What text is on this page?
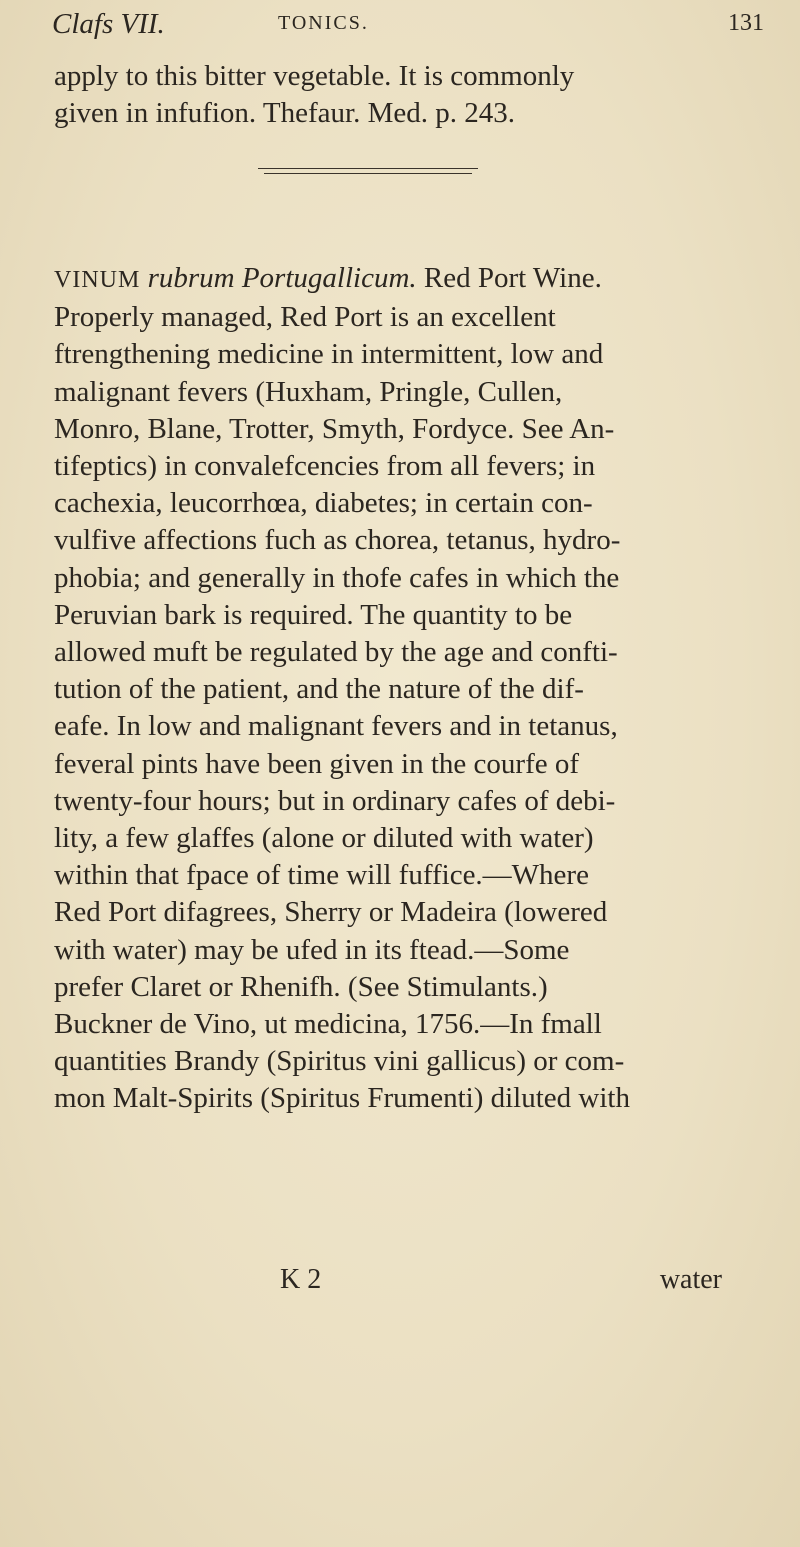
Clafs VII.	TONICS.	131
apply to this bitter vegetable. It is commonly
given in infufion. Thefaur. Med. p. 243.
VINUM rubrum Portugallicum. Red Port Wine.
Properly managed, Red Port is an excellent
ftrengthening medicine in intermittent, low and
malignant fevers (Huxham, Pringle, Cullen,
Monro, Blane, Trotter, Smyth, Fordyce. See An-
tifeptics) in convalefcencies from all fevers; in
cachexia, leucorrhœa, diabetes; in certain con-
vulfive affections fuch as chorea, tetanus, hydro-
phobia; and generally in thofe cafes in which the
Peruvian bark is required. The quantity to be
allowed muft be regulated by the age and confti-
tution of the patient, and the nature of the dif-
eafe. In low and malignant fevers and in tetanus,
feveral pints have been given in the courfe of
twenty-four hours; but in ordinary cafes of debi-
lity, a few glaffes (alone or diluted with water)
within that fpace of time will fuffice.—Where
Red Port difagrees, Sherry or Madeira (lowered
with water) may be ufed in its ftead.—Some
prefer Claret or Rhenifh. (See Stimulants.)
Buckner de Vino, ut medicina, 1756.—In fmall
quantities Brandy (Spiritus vini gallicus) or com-
mon Malt-Spirits (Spiritus Frumenti) diluted with
K 2	water
